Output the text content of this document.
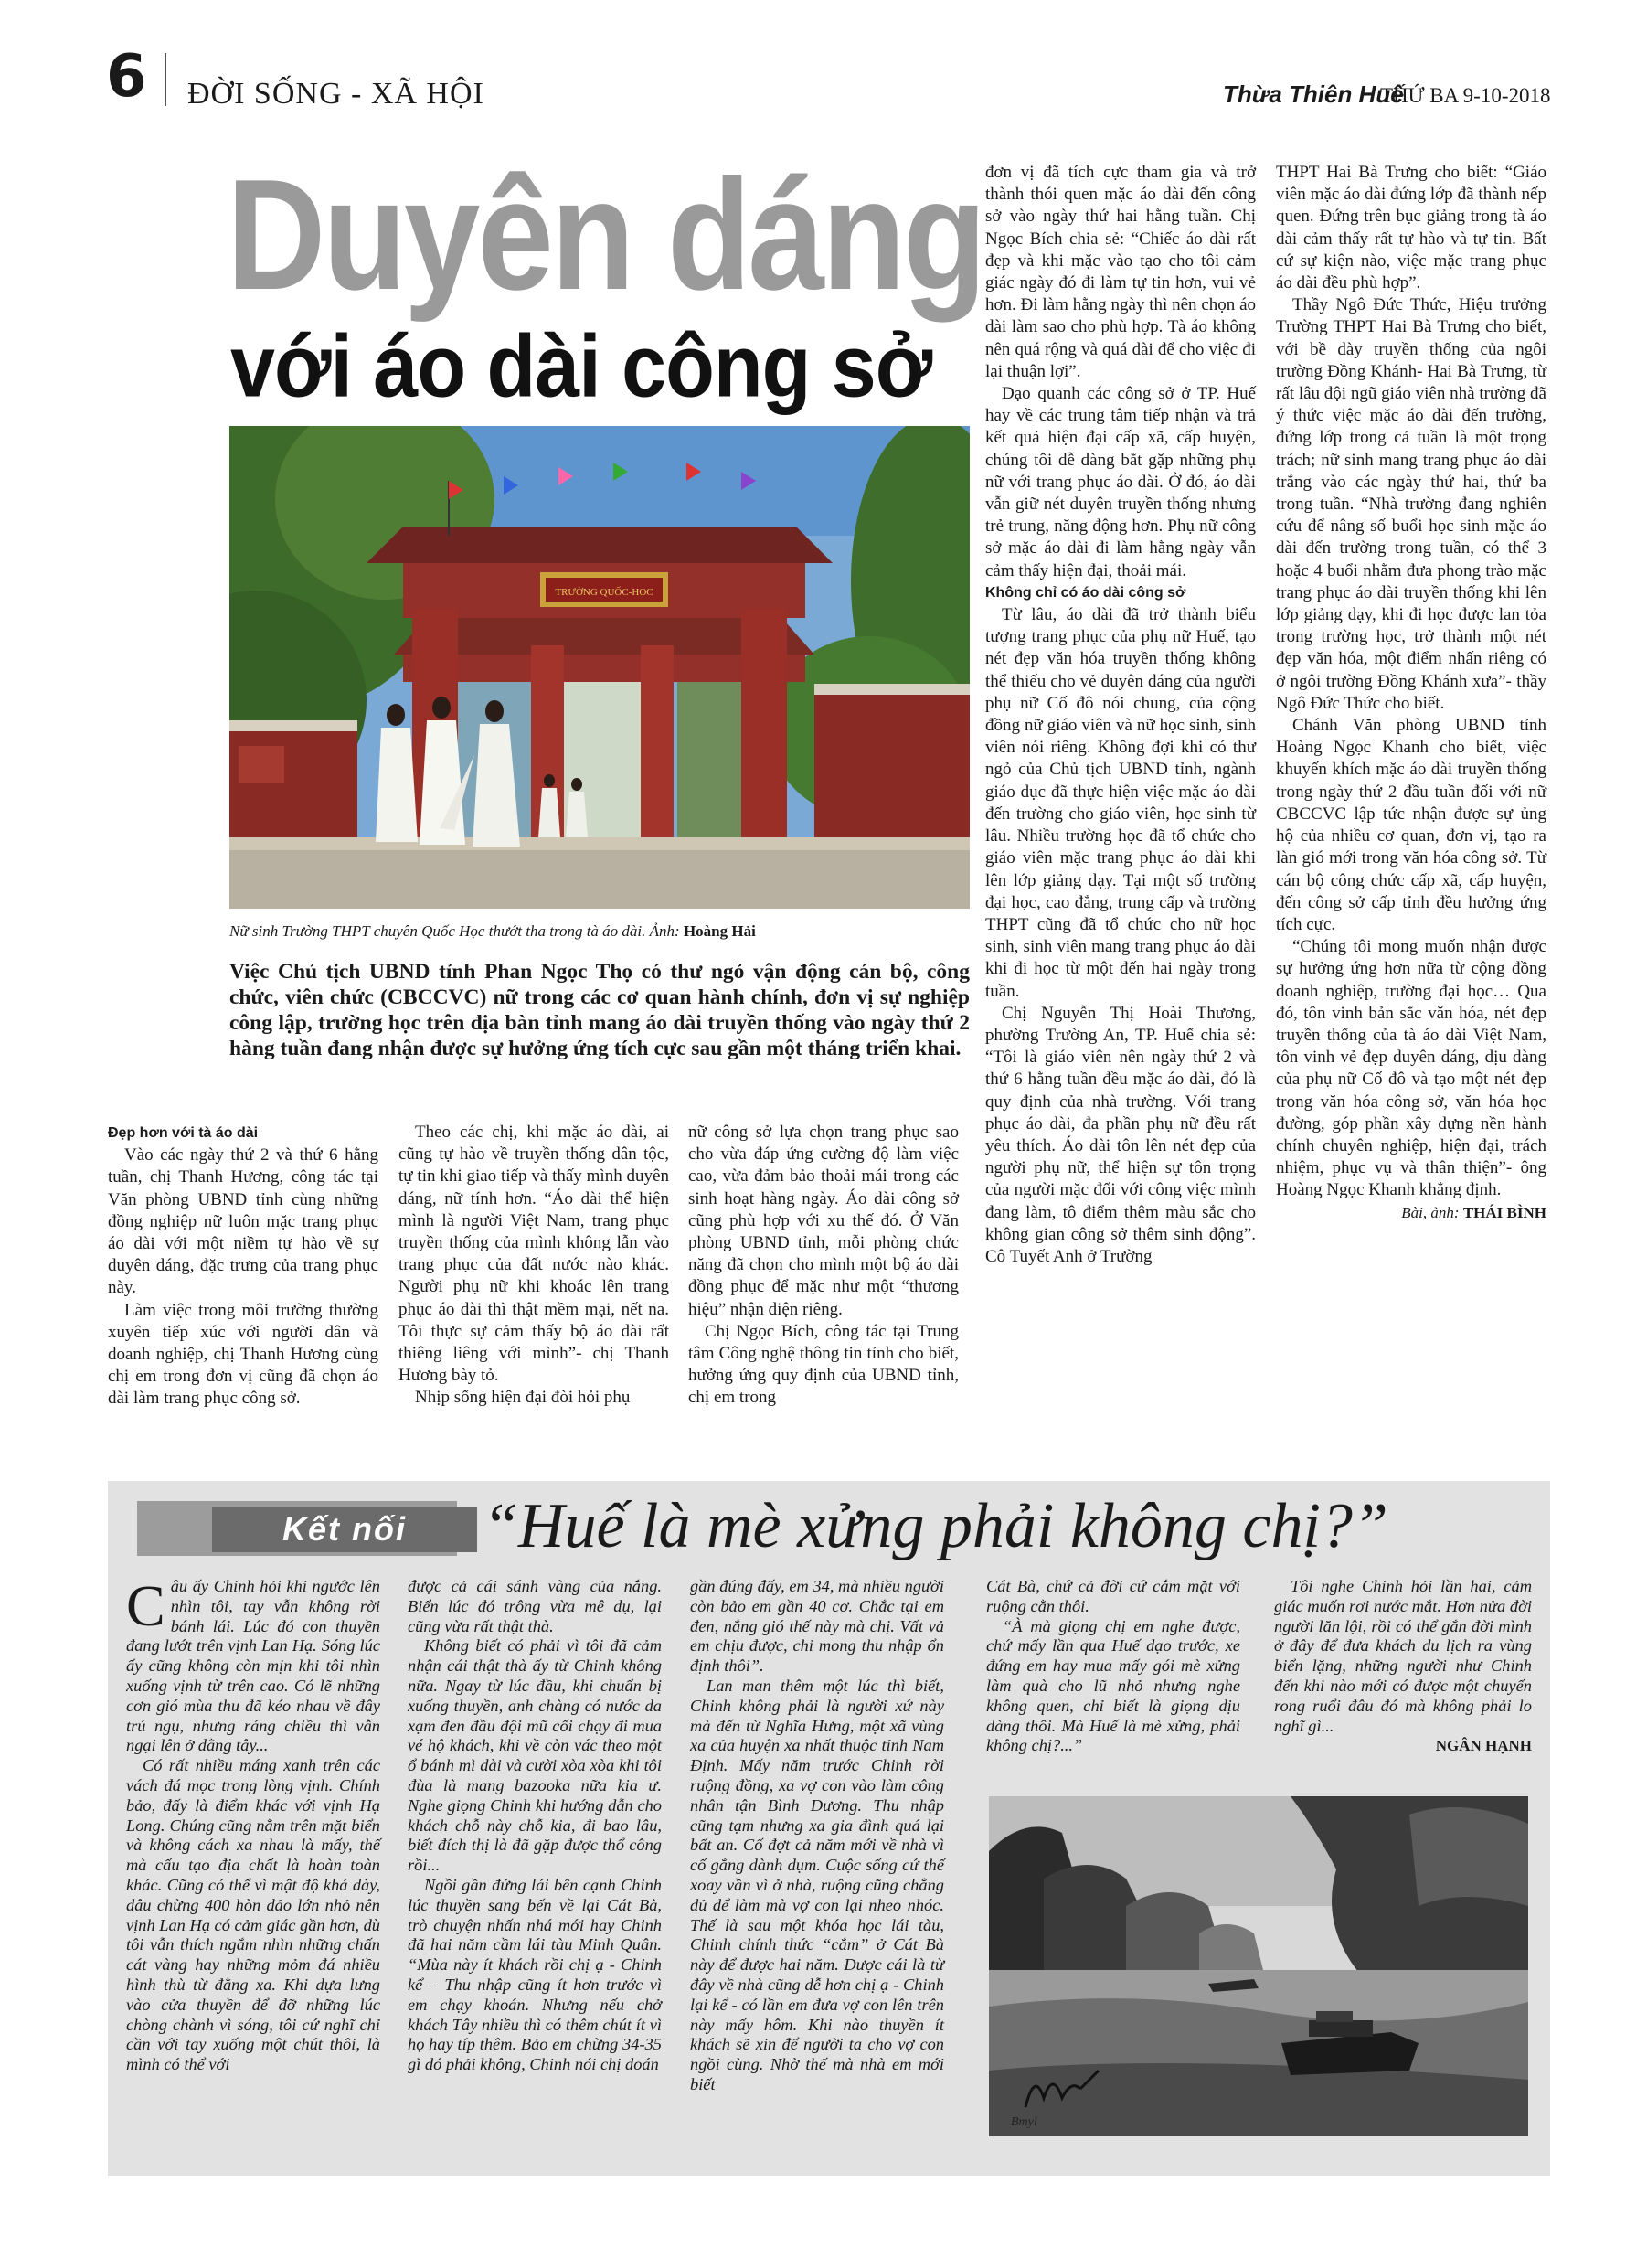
6 ĐỜI SỐNG - XÃ HỘI	Thừa Thiên Huế
THỨ BA 9-10-2018
Duyên dáng
với áo dài công sở
TRƯỜNG QUỐC-HỌC
Nữ sinh Trường THPT chuyên Quốc Học thướt tha trong tà áo dài. Ảnh: Hoàng Hải
Việc Chủ tịch UBND tỉnh Phan Ngọc Thọ có thư ngỏ vận động cán bộ, công chức, viên chức (CBCCVC) nữ trong các cơ quan hành chính, đơn vị sự nghiệp công lập, trường học trên địa bàn tỉnh mang áo dài truyền thống vào ngày thứ 2 hàng tuần đang nhận được sự hưởng ứng tích cực sau gần một tháng triển khai.

Đẹp hơn với tà áo dài

Vào các ngày thứ 2 và thứ 6 hằng tuần, chị Thanh Hương, công tác tại Văn phòng UBND tỉnh cùng những đồng nghiệp nữ luôn mặc trang phục áo dài với một niềm tự hào về sự duyên dáng, đặc trưng của trang phục này.

Làm việc trong môi trường thường xuyên tiếp xúc với người dân và doanh nghiệp, chị Thanh Hương cùng chị em trong đơn vị cũng đã chọn áo dài làm trang phục công sở.

Theo các chị, khi mặc áo dài, ai cũng tự hào về truyền thống dân tộc, tự tin khi giao tiếp và thấy mình duyên dáng, nữ tính hơn. “Áo dài thể hiện mình là người Việt Nam, trang phục truyền thống của mình không lẫn vào trang phục của đất nước nào khác. Người phụ nữ khi khoác lên trang phục áo dài thì thật mềm mại, nết na. Tôi thực sự cảm thấy bộ áo dài rất thiêng liêng với mình”- chị Thanh Hương bày tỏ.

Nhịp sống hiện đại đòi hỏi phụ

nữ công sở lựa chọn trang phục sao cho vừa đáp ứng cường độ làm việc cao, vừa đảm bảo thoải mái trong các sinh hoạt hàng ngày. Áo dài công sở cũng phù hợp với xu thế đó. Ở Văn phòng UBND tỉnh, mỗi phòng chức năng đã chọn cho mình một bộ áo dài đồng phục để mặc như một “thương hiệu” nhận diện riêng.

Chị Ngọc Bích, công tác tại Trung tâm Công nghệ thông tin tỉnh cho biết, hưởng ứng quy định của UBND tỉnh, chị em trong

đơn vị đã tích cực tham gia và trở thành thói quen mặc áo dài đến công sở vào ngày thứ hai hằng tuần. Chị Ngọc Bích chia sẻ: “Chiếc áo dài rất đẹp và khi mặc vào tạo cho tôi cảm giác ngày đó đi làm tự tin hơn, vui vẻ hơn. Đi làm hằng ngày thì nên chọn áo dài làm sao cho phù hợp. Tà áo không nên quá rộng và quá dài để cho việc đi lại thuận lợi”.

Dạo quanh các công sở ở TP. Huế hay về các trung tâm tiếp nhận và trả kết quả hiện đại cấp xã, cấp huyện, chúng tôi dễ dàng bắt gặp những phụ nữ với trang phục áo dài. Ở đó, áo dài vẫn giữ nét duyên truyền thống nhưng trẻ trung, năng động hơn. Phụ nữ công sở mặc áo dài đi làm hằng ngày vẫn cảm thấy hiện đại, thoải mái.

Không chỉ có áo dài công sở

Từ lâu, áo dài đã trở thành biểu tượng trang phục của phụ nữ Huế, tạo nét đẹp văn hóa truyền thống không thể thiếu cho vẻ duyên dáng của người phụ nữ Cố đô nói chung, của cộng đồng nữ giáo viên và nữ học sinh, sinh viên nói riêng. Không đợi khi có thư ngỏ của Chủ tịch UBND tỉnh, ngành giáo dục đã thực hiện việc mặc áo dài đến trường cho giáo viên, học sinh từ lâu. Nhiều trường học đã tổ chức cho giáo viên mặc trang phục áo dài khi lên lớp giảng dạy. Tại một số trường đại học, cao đẳng, trung cấp và trường THPT cũng đã tổ chức cho nữ học sinh, sinh viên mang trang phục áo dài khi đi học từ một đến hai ngày trong tuần.

Chị Nguyễn Thị Hoài Thương, phường Trường An, TP. Huế chia sẻ: “Tôi là giáo viên nên ngày thứ 2 và thứ 6 hằng tuần đều mặc áo dài, đó là quy định của nhà trường. Với trang phục áo dài, đa phần phụ nữ đều rất yêu thích. Áo dài tôn lên nét đẹp của người phụ nữ, thể hiện sự tôn trọng của người mặc đối với công việc mình đang làm, tô điểm thêm màu sắc cho không gian công sở thêm sinh động”. Cô Tuyết Anh ở Trường

THPT Hai Bà Trưng cho biết: “Giáo viên mặc áo dài đứng lớp đã thành nếp quen. Đứng trên bục giảng trong tà áo dài cảm thấy rất tự hào và tự tin. Bất cứ sự kiện nào, việc mặc trang phục áo dài đều phù hợp”.

Thầy Ngô Đức Thức, Hiệu trưởng Trường THPT Hai Bà Trưng cho biết, với bề dày truyền thống của ngôi trường Đồng Khánh- Hai Bà Trưng, từ rất lâu đội ngũ giáo viên nhà trường đã ý thức việc mặc áo dài đến trường, đứng lớp trong cả tuần là một trọng trách; nữ sinh mang trang phục áo dài trắng vào các ngày thứ hai, thứ ba trong tuần. “Nhà trường đang nghiên cứu để nâng số buổi học sinh mặc áo dài đến trường trong tuần, có thể 3 hoặc 4 buổi nhằm đưa phong trào mặc trang phục áo dài truyền thống khi lên lớp giảng dạy, khi đi học được lan tỏa trong trường học, trở thành một nét đẹp văn hóa, một điểm nhấn riêng có ở ngôi trường Đồng Khánh xưa”- thầy Ngô Đức Thức cho biết.

Chánh Văn phòng UBND tỉnh Hoàng Ngọc Khanh cho biết, việc khuyến khích mặc áo dài truyền thống trong ngày thứ 2 đầu tuần đối với nữ CBCCVC lập tức nhận được sự ủng hộ của nhiều cơ quan, đơn vị, tạo ra làn gió mới trong văn hóa công sở. Từ cán bộ công chức cấp xã, cấp huyện, đến công sở cấp tỉnh đều hưởng ứng tích cực.

“Chúng tôi mong muốn nhận được sự hưởng ứng hơn nữa từ cộng đồng doanh nghiệp, trường đại học… Qua đó, tôn vinh bản sắc văn hóa, nét đẹp truyền thống của tà áo dài Việt Nam, tôn vinh vẻ đẹp duyên dáng, dịu dàng của phụ nữ Cố đô và tạo một nét đẹp trong văn hóa công sở, văn hóa học đường, góp phần xây dựng nền hành chính chuyên nghiệp, hiện đại, trách nhiệm, phục vụ và thân thiện”- ông Hoàng Ngọc Khanh khẳng định.

Bài, ảnh: THÁI BÌNH

Kết nối	“Huế là mè xửng phải không chị?”

Câu ấy Chinh hỏi khi ngước lên nhìn tôi, tay vẫn không rời bánh lái. Lúc đó con thuyền đang lướt trên vịnh Lan Hạ. Sóng lúc ấy cũng không còn mịn khi tôi nhìn xuống vịnh từ trên cao. Có lẽ những cơn gió mùa thu đã kéo nhau về đây trú ngụ, nhưng ráng chiều thì vẫn ngại lên ở đằng tây...

Có rất nhiều máng xanh trên các vách đá mọc trong lòng vịnh. Chính bảo, đấy là điểm khác với vịnh Hạ Long. Chúng cũng nằm trên mặt biển và không cách xa nhau là mấy, thế mà cấu tạo địa chất là hoàn toàn khác. Cũng có thể vì mật độ khá dày, đâu chừng 400 hòn đảo lớn nhỏ nên vịnh Lan Hạ có cảm giác gần hơn, dù tôi vẫn thích ngắm nhìn những chấn cát vàng hay những mỏm đá nhiều hình thù từ đằng xa. Khi dựa lưng vào cửa thuyền để đỡ những lúc chòng chành vì sóng, tôi cứ nghĩ chỉ cần với tay xuống một chút thôi, là mình có thể với

được cả cái sánh vàng của nắng. Biển lúc đó trông vừa mê dụ, lại cũng vừa rất thật thà.

Không biết có phải vì tôi đã cảm nhận cái thật thà ấy từ Chinh không nữa. Ngay từ lúc đầu, khi chuẩn bị xuống thuyền, anh chàng có nước da xạm đen đầu đội mũ cối chạy đi mua vé hộ khách, khi về còn vác theo một ổ bánh mì dài và cười xòa xòa khi tôi đùa là mang bazooka nữa kia ư. Nghe giọng Chinh khi hướng dẫn cho khách chỗ này chỗ kia, đi bao lâu, biết đích thị là đã gặp được thổ công rồi...

Ngồi gần đứng lái bên cạnh Chinh lúc thuyền sang bến về lại Cát Bà, trò chuyện nhấn nhá mới hay Chinh đã hai năm cầm lái tàu Minh Quân. “Mùa này ít khách rồi chị ạ - Chinh kể – Thu nhập cũng ít hơn trước vì em chạy khoán. Nhưng nếu chở khách Tây nhiều thì có thêm chút ít vì họ hay típ thêm. Bảo em chừng 34-35 gì đó phải không, Chinh nói chị đoán

gần đúng đấy, em 34, mà nhiều người còn bảo em gần 40 cơ. Chắc tại em đen, nắng gió thế này mà chị. Vất vả em chịu được, chỉ mong thu nhập ổn định thôi”.

Lan man thêm một lúc thì biết, Chinh không phải là người xứ này mà đến từ Nghĩa Hưng, một xã vùng xa của huyện xa nhất thuộc tỉnh Nam Định. Mấy năm trước Chinh rời ruộng đồng, xa vợ con vào làm công nhân tận Bình Dương. Thu nhập cũng tạm nhưng xa gia đình quá lại bất an. Cố đợt cả năm mới về nhà vì cố gắng dành dụm. Cuộc sống cứ thế xoay vần vì ở nhà, ruộng cũng chẳng đủ để làm mà vợ con lại nheo nhóc. Thế là sau một khóa học lái tàu, Chinh chính thức “cắm” ở Cát Bà này để được hai năm. Được cái là từ đây về nhà cũng dễ hơn chị ạ - Chinh lại kể - có lần em đưa vợ con lên trên này mấy hôm. Khi nào thuyền ít khách sẽ xin để người ta cho vợ con ngồi cùng. Nhờ thế mà nhà em mới biết

Cát Bà, chứ cả đời cứ cắm mặt với ruộng cằn thôi.

“À mà giọng chị em nghe được, chứ mấy lần qua Huế dạo trước, xe đứng em hay mua mấy gói mè xửng làm quà cho lũ nhỏ nhưng nghe không quen, chỉ biết là giọng dịu dàng thôi. Mà Huế là mè xửng, phải không chị?...”

Tôi nghe Chinh hỏi lần hai, cảm giác muốn rơi nước mắt. Hơn nửa đời người lăn lội, rồi có thể gắn đời mình ở đây để đưa khách du lịch ra vùng biển lặng, những người như Chinh đến khi nào mới có được một chuyến rong ruổi đâu đó mà không phải lo nghĩ gì...

NGÂN HẠNH

Bmyl
